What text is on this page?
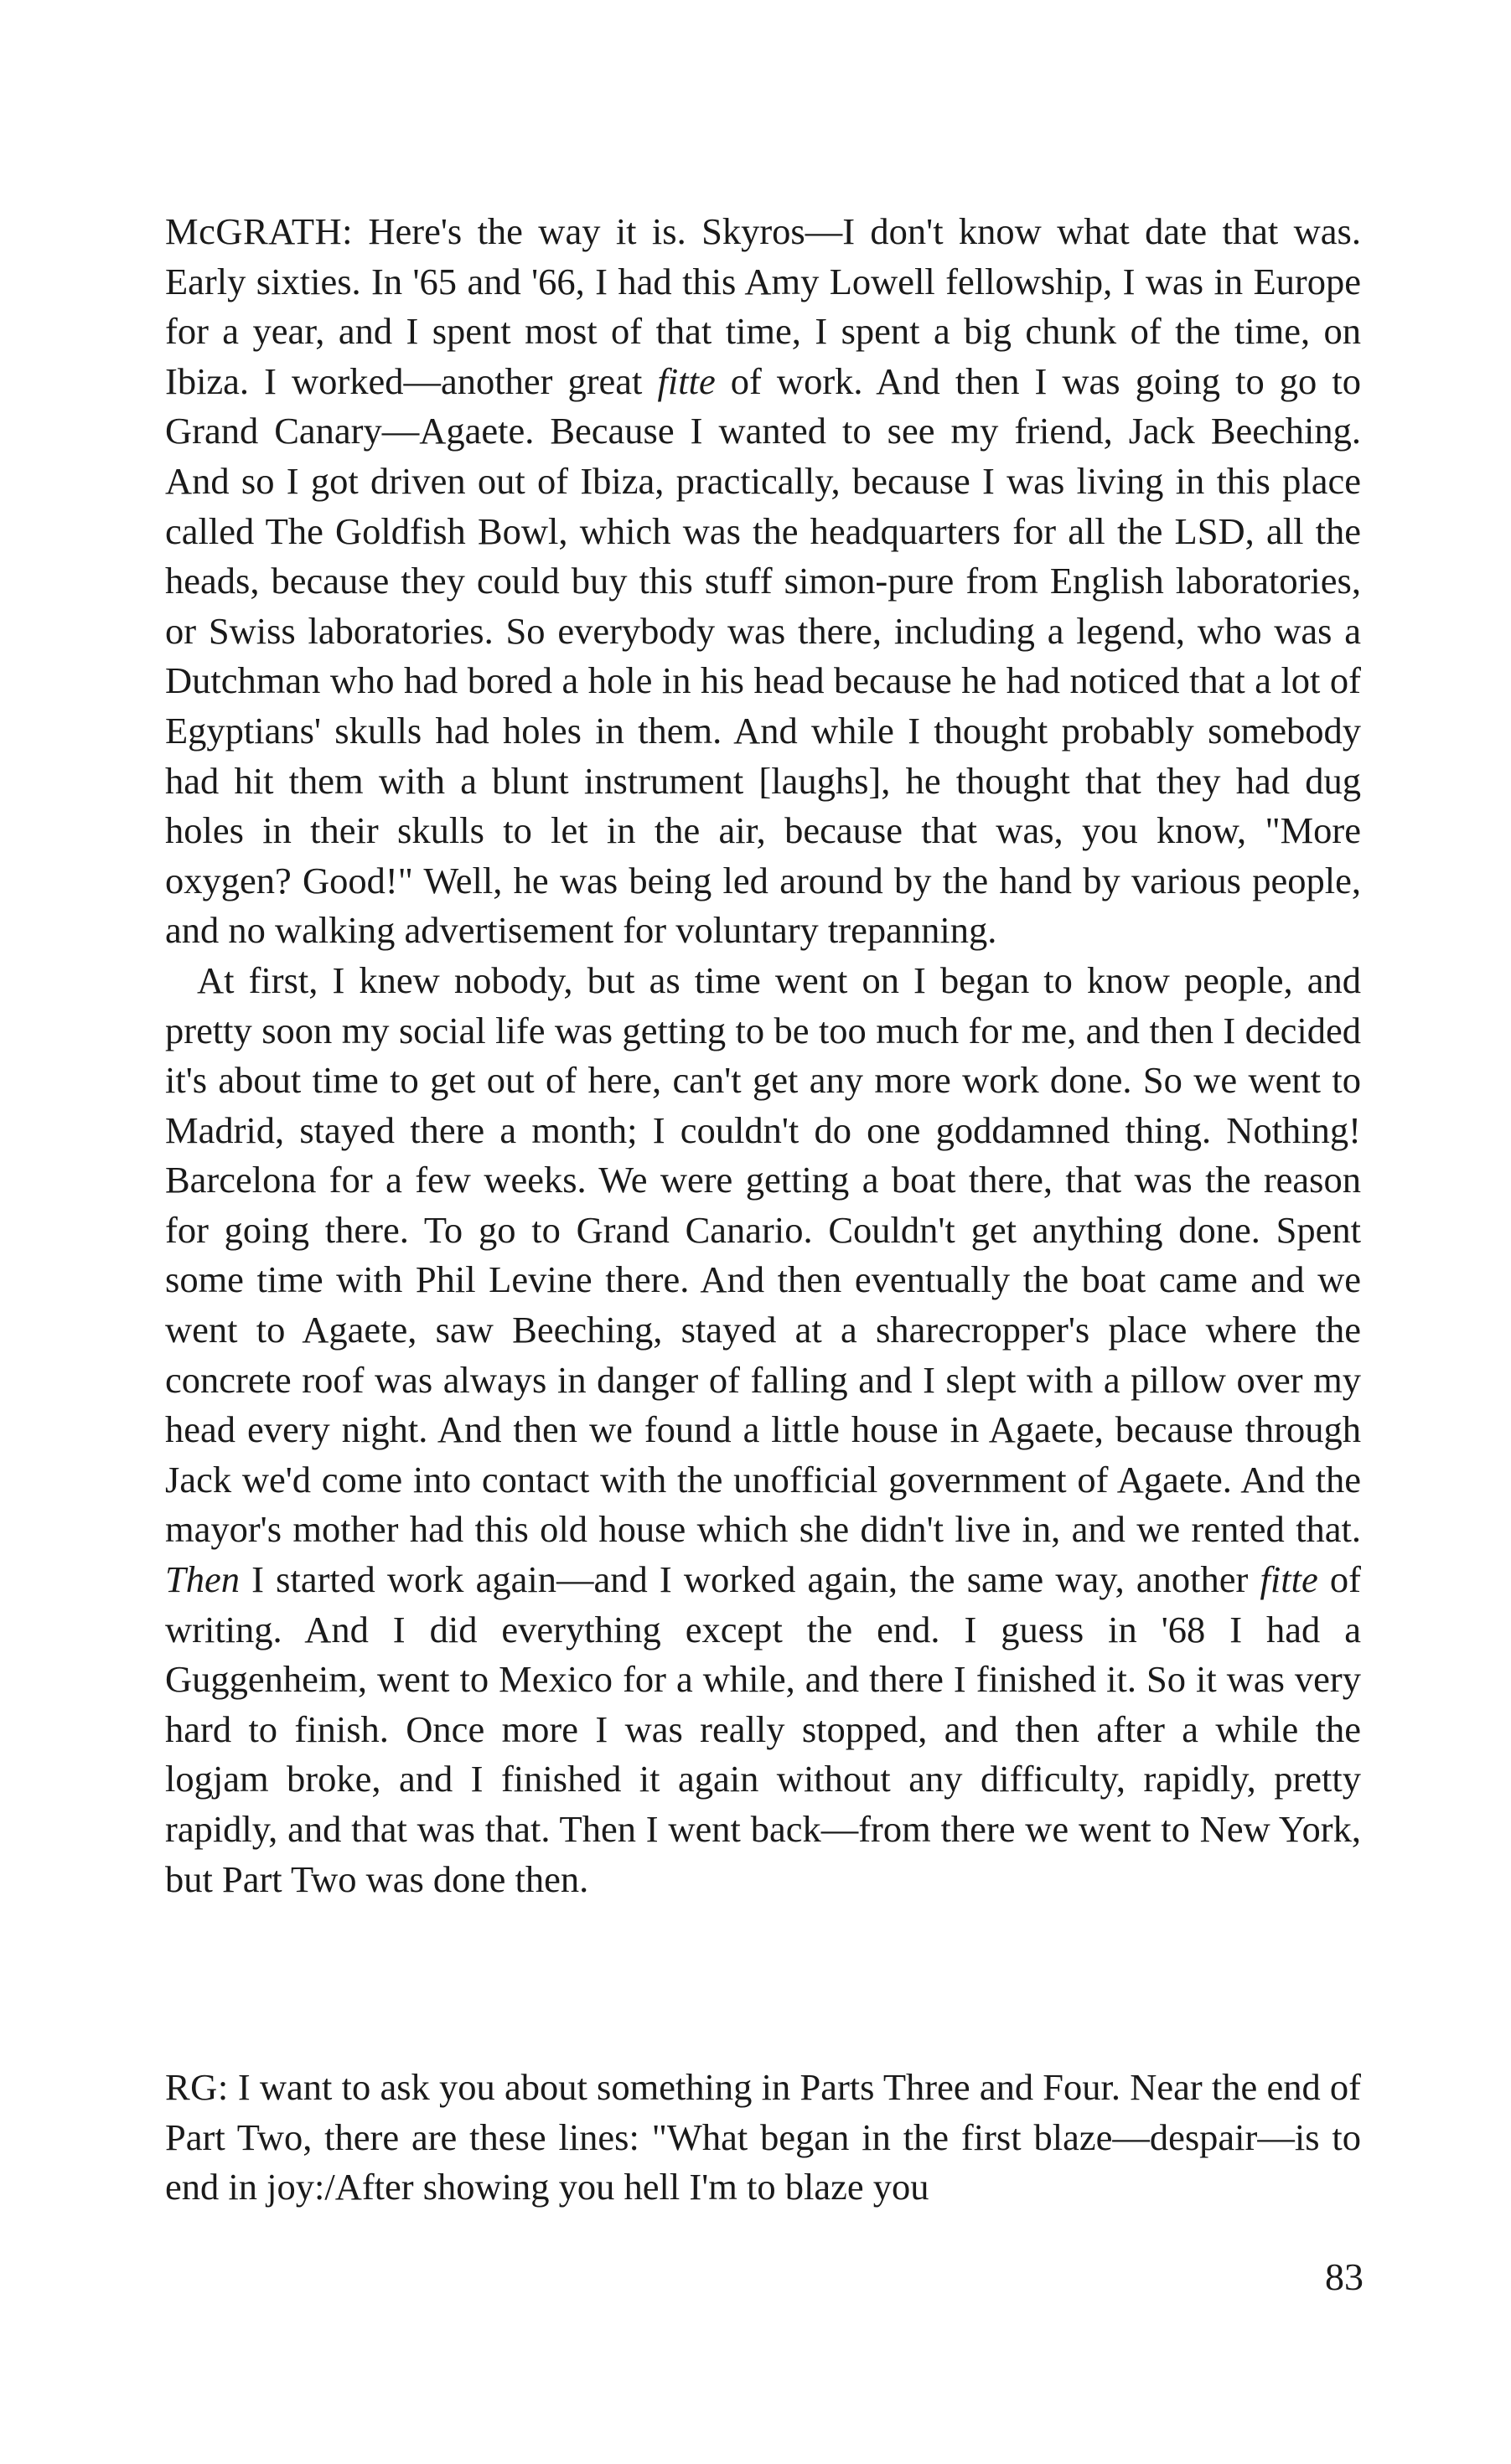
McGRATH: Here's the way it is. Skyros—I don't know what date that was. Early sixties. In '65 and '66, I had this Amy Lowell fellowship, I was in Europe for a year, and I spent most of that time, I spent a big chunk of the time, on Ibiza. I worked—another great fitte of work. And then I was going to go to Grand Canary—Agaete. Because I wanted to see my friend, Jack Beeching. And so I got driven out of Ibiza, practically, because I was living in this place called The Goldfish Bowl, which was the headquarters for all the LSD, all the heads, because they could buy this stuff simon-pure from English laboratories, or Swiss laboratories. So everybody was there, including a legend, who was a Dutchman who had bored a hole in his head because he had noticed that a lot of Egyptians' skulls had holes in them. And while I thought probably somebody had hit them with a blunt instrument [laughs], he thought that they had dug holes in their skulls to let in the air, because that was, you know, "More oxygen? Good!" Well, he was being led around by the hand by various people, and no walking advertisement for voluntary trepanning.

At first, I knew nobody, but as time went on I began to know people, and pretty soon my social life was getting to be too much for me, and then I decided it's about time to get out of here, can't get any more work done. So we went to Madrid, stayed there a month; I couldn't do one goddamned thing. Nothing! Barcelona for a few weeks. We were getting a boat there, that was the reason for going there. To go to Grand Canario. Couldn't get anything done. Spent some time with Phil Levine there. And then eventually the boat came and we went to Agaete, saw Beeching, stayed at a sharecropper's place where the concrete roof was always in danger of falling and I slept with a pillow over my head every night. And then we found a little house in Agaete, because through Jack we'd come into contact with the unofficial government of Agaete. And the mayor's mother had this old house which she didn't live in, and we rented that. Then I started work again—and I worked again, the same way, another fitte of writing. And I did everything except the end. I guess in '68 I had a Guggenheim, went to Mexico for a while, and there I finished it. So it was very hard to finish. Once more I was really stopped, and then after a while the logjam broke, and I finished it again without any difficulty, rapidly, pretty rapidly, and that was that. Then I went back—from there we went to New York, but Part Two was done then.

RG: I want to ask you about something in Parts Three and Four. Near the end of Part Two, there are these lines: "What began in the first blaze—despair—is to end in joy:/After showing you hell I'm to blaze you

83
